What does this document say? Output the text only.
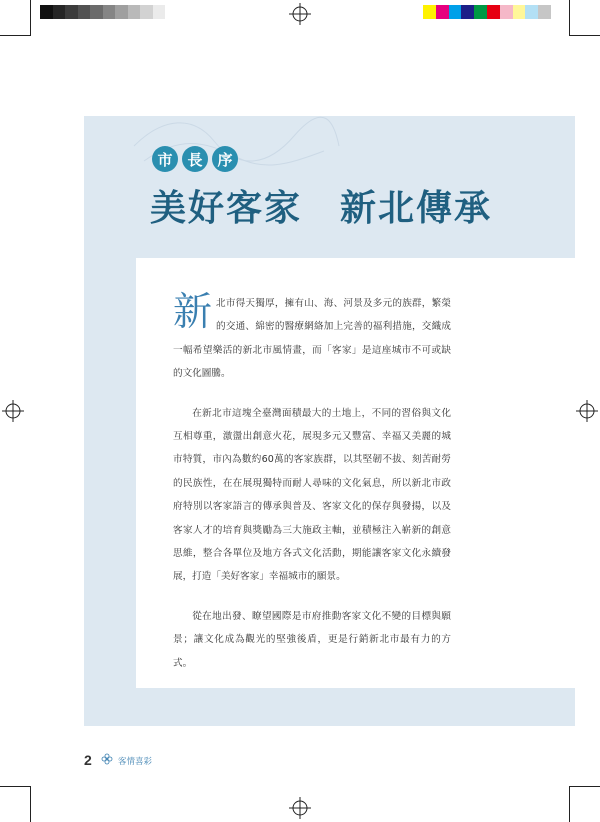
市 長 序
美好客家　新北傳承

新北市得天獨厚，擁有山、海、河景及多元的族群，繁榮的交通、綿密的醫療網絡加上完善的福利措施，交織成一幅希望樂活的新北市風情畫，而「客家」是這座城市不可或缺的文化圖騰。

在新北市這塊全臺灣面積最大的土地上，不同的習俗與文化互相尊重，激盪出創意火花，展現多元又豐富、幸福又美麗的城市特質，市內為數約60萬的客家族群，以其堅韌不拔、刻苦耐勞的民族性，在在展現獨特而耐人尋味的文化氣息，所以新北市政府特別以客家語言的傳承與普及、客家文化的保存與發揚，以及客家人才的培育與獎勵為三大施政主軸，並積極注入嶄新的創意思維，整合各單位及地方各式文化活動，期能讓客家文化永續發展，打造「美好客家」幸福城市的願景。

從在地出發、瞭望國際是市府推動客家文化不變的目標與願景；讓文化成為觀光的堅強後盾，更是行銷新北市最有力的方式。

2	客情喜彩
